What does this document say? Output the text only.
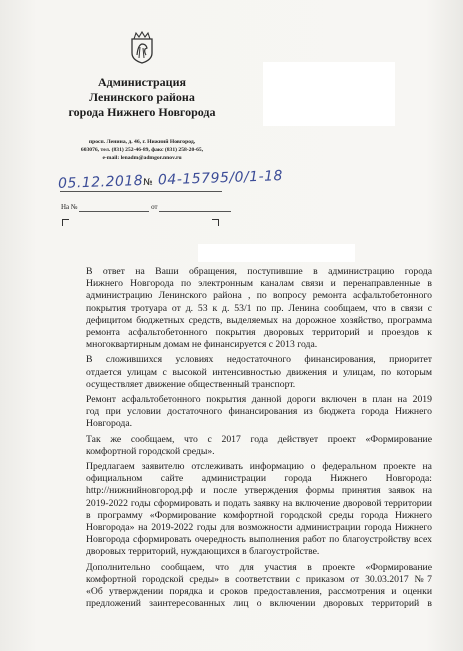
Администрация
Ленинского района
города Нижнего Новгорода
просп. Ленина, д. 46, г. Нижний Новгород,
603076, тел. (831) 252-46-89, факс (831) 258-20-65,
e-mail: lenadm@admgor.nnov.ru
05.12.2018№ 04-15795/0/1-18
На №	от

В ответ на Ваши обращения, поступившие в администрацию города
Нижнего Новгорода по электронным каналам связи и перенаправленные в
администрацию Ленинского района , по вопросу ремонта асфальтобетонного
покрытия тротуара от д. 53 к д. 53/1 по пр. Ленина сообщаем, что в связи с
дефицитом бюджетных средств, выделяемых на дорожное хозяйство, программа
ремонта асфальтобетонного покрытия дворовых территорий и проездов к
многоквартирным домам не финансируется с 2013 года.

В сложившихся условиях недостаточного финансирования, приоритет
отдается улицам с высокой интенсивностью движения и улицам, по которым
осуществляет движение общественный транспорт.

Ремонт асфальтобетонного покрытия данной дороги включен в план на 2019
год при условии достаточного финансирования из бюджета города Нижнего
Новгорода.

Так же сообщаем, что с 2017 года действует проект «Формирование
комфортной городской среды».

Предлагаем заявителю отслеживать информацию о федеральном проекте на
официальном сайте администрации города Нижнего Новгорода:
http://нижнийновгород.рф и после утверждения формы принятия заявок на
2019-2022 годы сформировать и подать заявку на включение дворовой территории
в программу «Формирование комфортной городской среды города Нижнего
Новгорода» на 2019-2022 годы для возможности администрации города Нижнего
Новгорода сформировать очередность выполнения работ по благоустройству всех
дворовых территорий, нуждающихся в благоустройстве.

Дополнительно сообщаем, что для участия в проекте «Формирование
комфортной городской среды» в соответствии с приказом от 30.03.2017 №7
«Об утверждении порядка и сроков предоставления, рассмотрения и оценки
предложений заинтересованных лиц о включении дворовых территорий в
